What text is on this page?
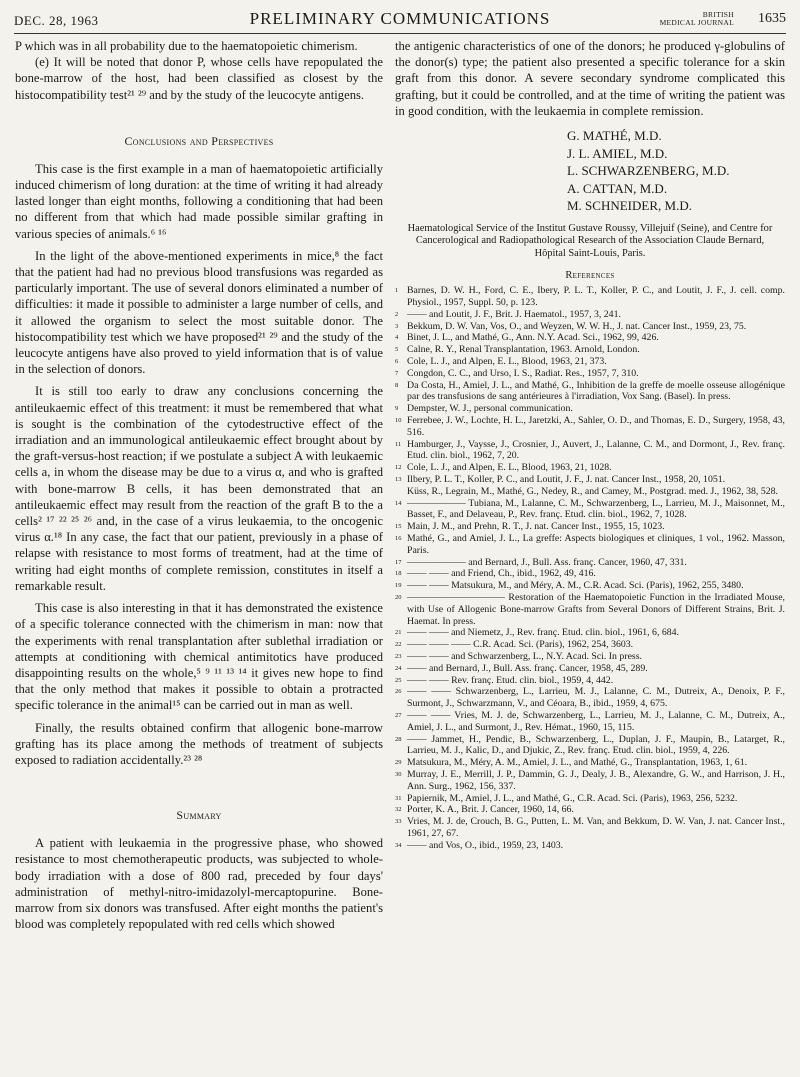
DEC. 28, 1963	PRELIMINARY COMMUNICATIONS	BRITISH
MEDICAL JOURNAL 1635

P which was in all probability due to the haematopoietic chimerism.

(e) It will be noted that donor P, whose cells have repopulated the bone-marrow of the host, had been classified as closest by the histocompatibility test²¹ ²⁹ and by the study of the leucocyte antigens.

Conclusions and Perspectives

This case is the first example in a man of haematopoietic artificially induced chimerism of long duration: at the time of writing it had already lasted longer than eight months, following a conditioning that had been no different from that which had made possible similar grafting in various species of animals.⁶ ¹⁶

In the light of the above-mentioned experiments in mice,⁸ the fact that the patient had had no previous blood transfusions was regarded as particularly important. The use of several donors eliminated a number of difficulties: it made it possible to administer a large number of cells, and it allowed the organism to select the most suitable donor. The histocompatibility test which we have proposed²¹ ²⁹ and the study of the leucocyte antigens have also proved to yield information that is of value in the selection of donors.

It is still too early to draw any conclusions concerning the antileukaemic effect of this treatment: it must be remembered that what is sought is the combination of the cytodestructive effect of the irradiation and an immunological antileukaemic effect brought about by the graft-versus-host reaction; if we postulate a subject A with leukaemic cells a, in whom the disease may be due to a virus α, and who is grafted with bone-marrow B cells, it has been demonstrated that an antileukaemic effect may result from the reaction of the graft B to the a cells² ¹⁷ ²² ²⁵ ²⁶ and, in the case of a virus leukaemia, to the oncogenic virus α.¹⁸ In any case, the fact that our patient, previously in a phase of relapse with resistance to most forms of treatment, had at the time of writing had eight months of complete remission, constitutes in itself a remarkable result.

This case is also interesting in that it has demonstrated the existence of a specific tolerance connected with the chimerism in man: now that the experiments with renal transplantation after sublethal irradiation or attempts at conditioning with chemical antimitotics have produced disappointing results on the whole,⁵ ⁹ ¹¹ ¹³ ¹⁴ it gives new hope to find that the only method that makes it possible to obtain a protracted specific tolerance in the animal¹⁵ can be carried out in man as well.

Finally, the results obtained confirm that allogenic bone-marrow grafting has its place among the methods of treatment of subjects exposed to radiation accidentally.²³ ²⁸

Summary

A patient with leukaemia in the progressive phase, who showed resistance to most chemotherapeutic products, was subjected to whole-body irradiation with a dose of 800 rad, preceded by four days' administration of methyl-nitro-imidazolyl-mercaptopurine. Bone-marrow from six donors was transfused. After eight months the patient's blood was completely repopulated with red cells which showed

the antigenic characteristics of one of the donors; he produced γ-globulins of the donor(s) type; the patient also presented a specific tolerance for a skin graft from this donor. A severe secondary syndrome complicated this grafting, but it could be controlled, and at the time of writing the patient was in good condition, with the leukaemia in complete remission.

G. MATHÉ, M.D.
J. L. AMIEL, M.D.
L. SCHWARZENBERG, M.D.
A. CATTAN, M.D.
M. SCHNEIDER, M.D.
Haematological Service of the Institut Gustave Roussy, Villejuif (Seine), and Centre for Cancerological and Radiopathological Research of the Association Claude Bernard, Hôpital Saint-Louis, Paris.
References
1 Barnes, D. W. H., Ford, C. E., Ibery, P. L. T., Koller, P. C., and Loutit, J. F., J. cell. comp. Physiol., 1957, Suppl. 50, p. 123.
2 —— and Loutit, J. F., Brit. J. Haematol., 1957, 3, 241.
3 Bekkum, D. W. Van, Vos, O., and Weyzen, W. W. H., J. nat. Cancer Inst., 1959, 23, 75.
4 Binet, J. L., and Mathé, G., Ann. N.Y. Acad. Sci., 1962, 99, 426.
5 Calne, R. Y., Renal Transplantation, 1963. Arnold, London.
6 Cole, L. J., and Alpen, E. L., Blood, 1963, 21, 373.
7 Congdon, C. C., and Urso, I. S., Radiat. Res., 1957, 7, 310.
8 Da Costa, H., Amiel, J. L., and Mathé, G., Inhibition de la greffe de moelle osseuse allogénique par des transfusions de sang antérieures à l'irradiation, Vox Sang. (Basel). In press.
9 Dempster, W. J., personal communication.
10 Ferrebee, J. W., Lochte, H. L., Jaretzki, A., Sahler, O. D., and Thomas, E. D., Surgery, 1958, 43, 516.
11 Hamburger, J., Vaysse, J., Crosnier, J., Auvert, J., Lalanne, C. M., and Dormont, J., Rev. franç. Etud. clin. biol., 1962, 7, 20.
12 Cole, L. J., and Alpen, E. L., Blood, 1963, 21, 1028.
13 Ilbery, P. L. T., Koller, P. C., and Loutit, J. F., J. nat. Cancer Inst., 1958, 20, 1051.
Küss, R., Legrain, M., Mathé, G., Nedey, R., and Camey, M., Postgrad. med. J., 1962, 38, 528.
14 —————— Tubiana, M., Lalanne, C. M., Schwarzenberg, L., Larrieu, M. J., Maisonnet, M., Basset, F., and Delaveau, P., Rev. franç. Etud. clin. biol., 1962, 7, 1028.
15 Main, J. M., and Prehn, R. T., J. nat. Cancer Inst., 1955, 15, 1023.
16 Mathé, G., and Amiel, J. L., La greffe: Aspects biologiques et cliniques, 1 vol., 1962. Masson, Paris.
17 —————— and Bernard, J., Bull. Ass. franç. Cancer, 1960, 47, 331.
18 —— —— and Friend, Ch., ibid., 1962, 49, 416.
19 —— —— Matsukura, M., and Méry, A. M., C.R. Acad. Sci. (Paris), 1962, 255, 3480.
20 —————————— Restoration of the Haematopoietic Function in the Irradiated Mouse, with Use of Allogenic Bone-marrow Grafts from Several Donors of Different Strains, Brit. J. Haemat. In press.
21 —— —— and Niemetz, J., Rev. franç. Etud. clin. biol., 1961, 6, 684.
22 —— —— —— C.R. Acad. Sci. (Paris), 1962, 254, 3603.
23 —— —— and Schwarzenberg, L., N.Y. Acad. Sci. In press.
24 —— and Bernard, J., Bull. Ass. franç. Cancer, 1958, 45, 289.
25 —— —— Rev. franç. Etud. clin. biol., 1959, 4, 442.
26 —— —— Schwarzenberg, L., Larrieu, M. J., Lalanne, C. M., Dutreix, A., Denoix, P. F., Surmont, J., Schwarzmann, V., and Céoara, B., ibid., 1959, 4, 675.
27 —— —— Vries, M. J. de, Schwarzenberg, L., Larrieu, M. J., Lalanne, C. M., Dutreix, A., Amiel, J. L., and Surmont, J., Rev. Hémat., 1960, 15, 115.
28 —— Jammet, H., Pendic, B., Schwarzenberg, L., Duplan, J. F., Maupin, B., Latarget, R., Larrieu, M. J., Kalic, D., and Djukic, Z., Rev. franç. Etud. clin. biol., 1959, 4, 226.
29 Matsukura, M., Méry, A. M., Amiel, J. L., and Mathé, G., Transplantation, 1963, 1, 61.
30 Murray, J. E., Merrill, J. P., Dammin, G. J., Dealy, J. B., Alexandre, G. W., and Harrison, J. H., Ann. Surg., 1962, 156, 337.
31 Papiernik, M., Amiel, J. L., and Mathé, G., C.R. Acad. Sci. (Paris), 1963, 256, 5232.
32 Porter, K. A., Brit. J. Cancer, 1960, 14, 66.
33 Vries, M. J. de, Crouch, B. G., Putten, L. M. Van, and Bekkum, D. W. Van, J. nat. Cancer Inst., 1961, 27, 67.
34 —— and Vos, O., ibid., 1959, 23, 1403.
